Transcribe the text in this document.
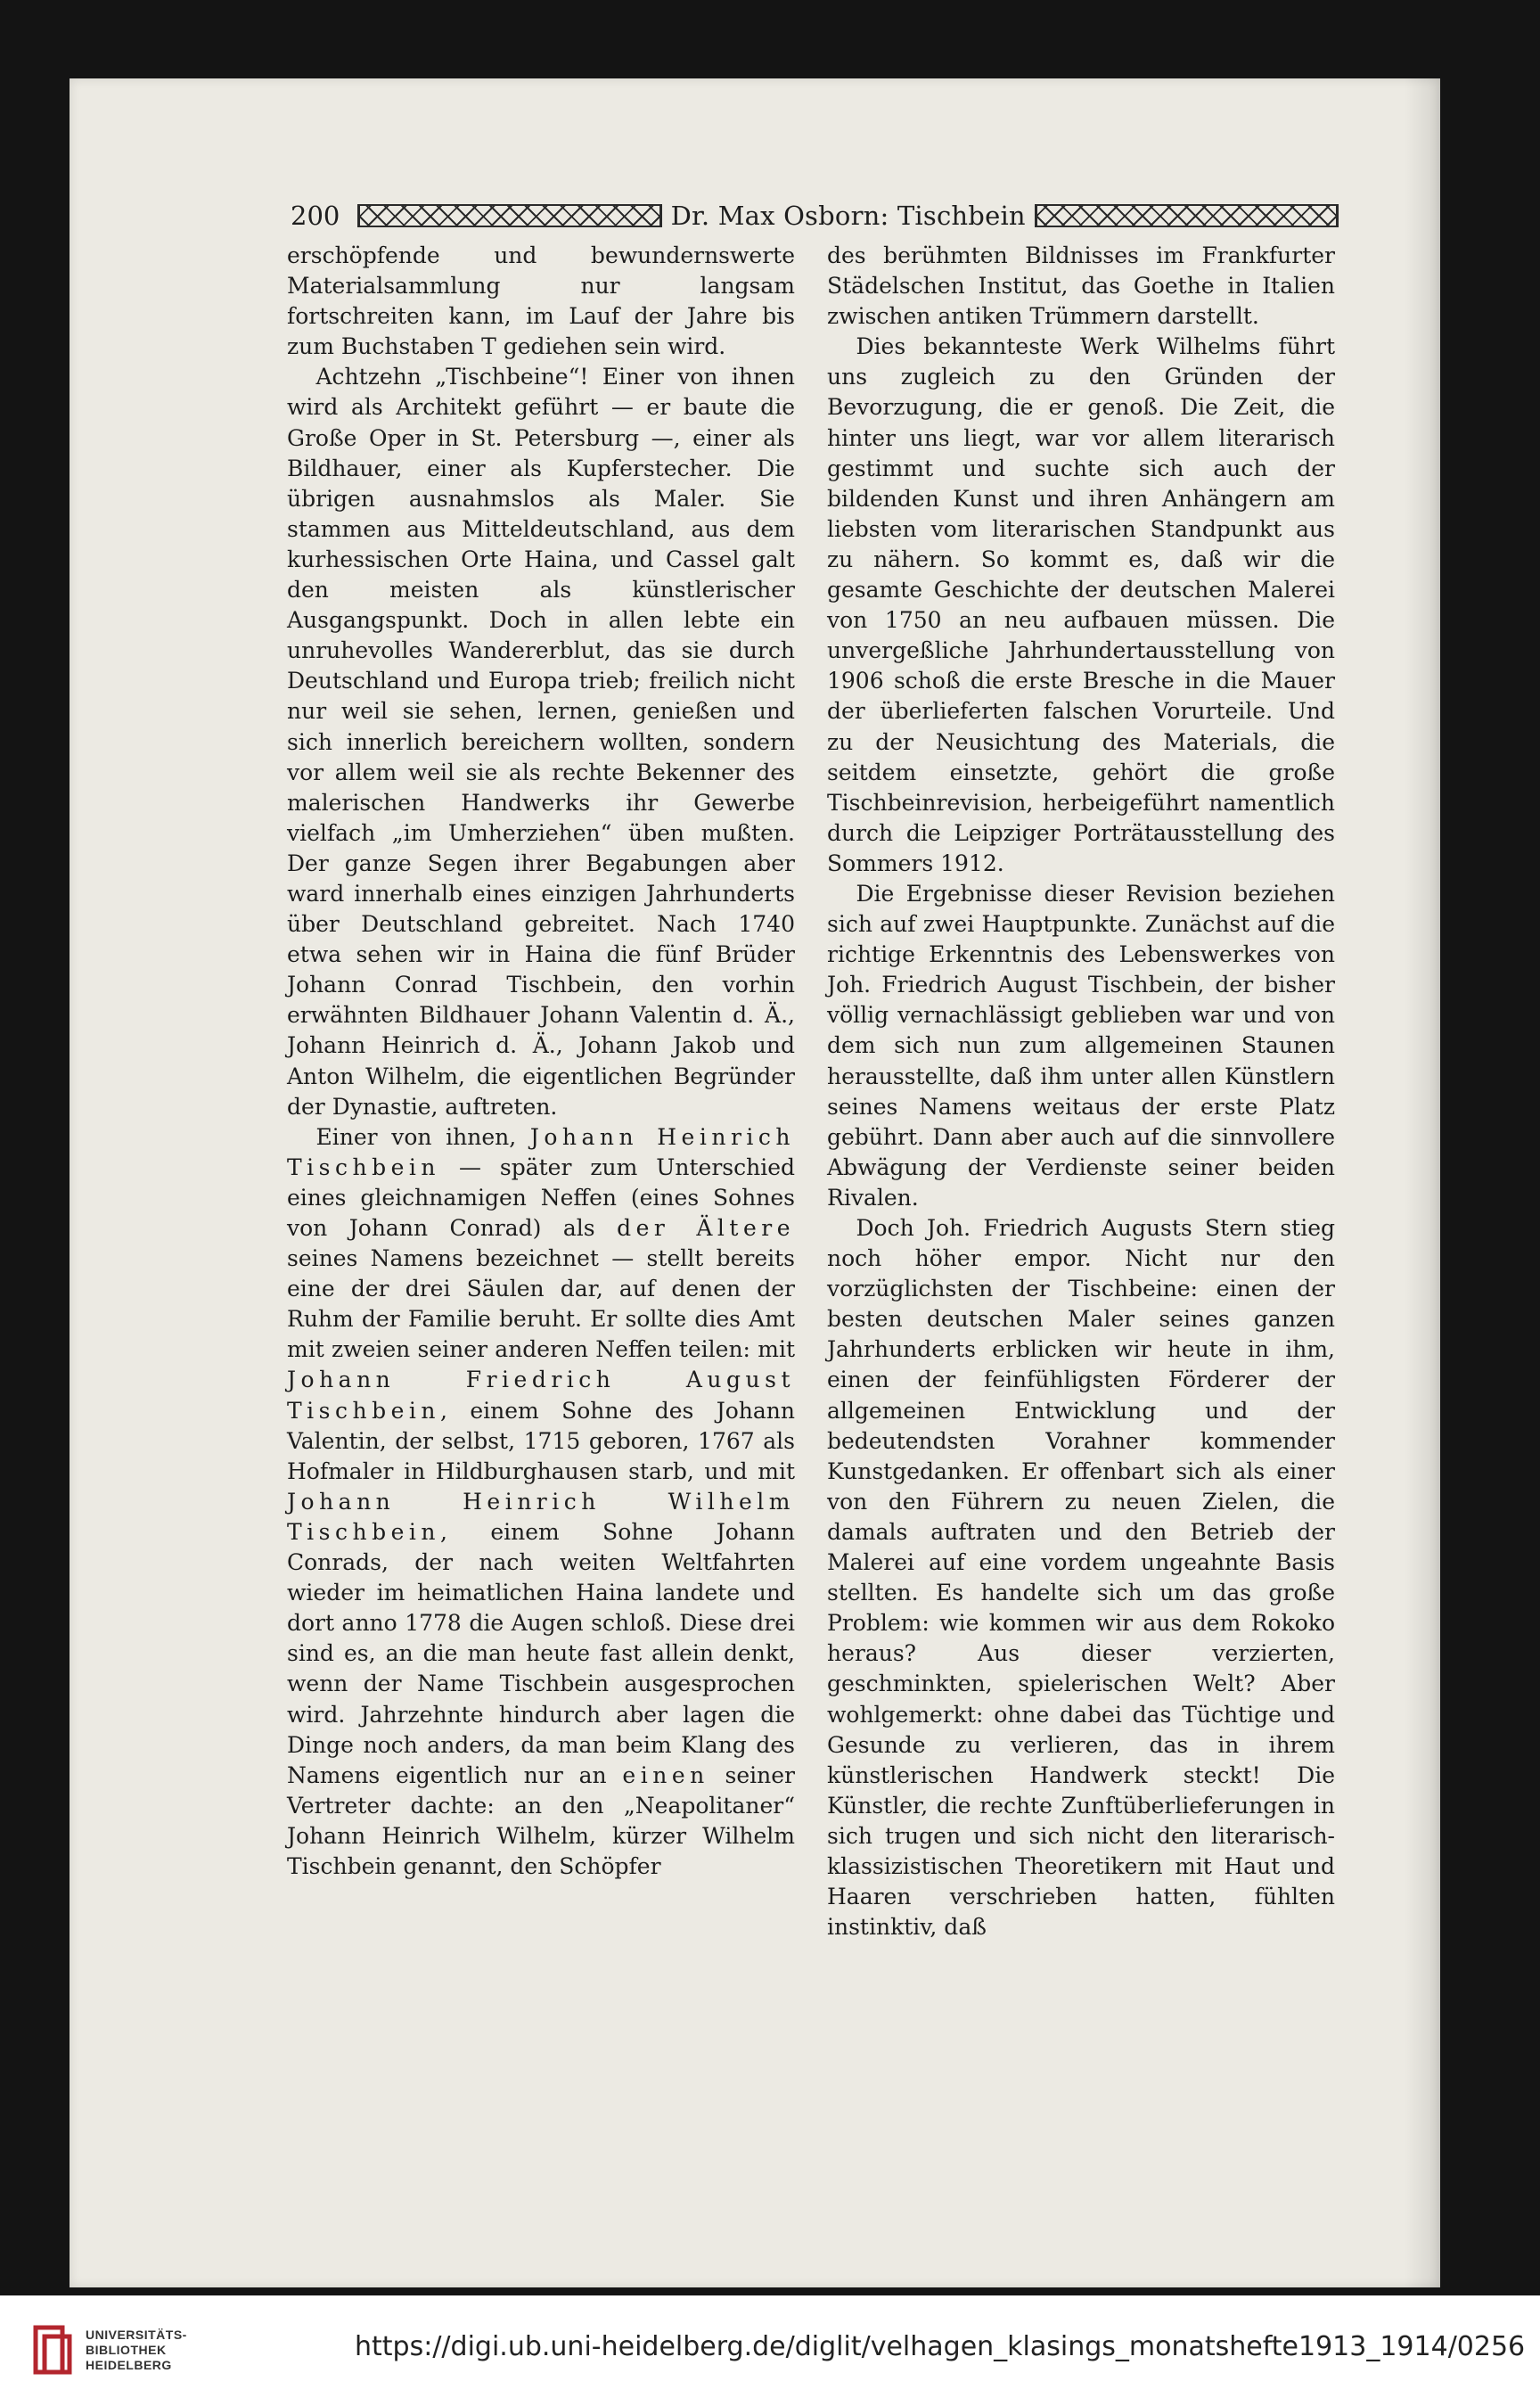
200	Dr. Max Osborn: Tischbein

erschöpfende und bewundernswerte Materialsammlung nur langsam fortschreiten kann, im Lauf der Jahre bis zum Buchstaben T gediehen sein wird.

Achtzehn „Tischbeine“! Einer von ihnen wird als Architekt geführt — er baute die Große Oper in St. Petersburg —, einer als Bildhauer, einer als Kupferstecher. Die übrigen ausnahmslos als Maler. Sie stammen aus Mitteldeutschland, aus dem kurhessischen Orte Haina, und Cassel galt den meisten als künstlerischer Ausgangspunkt. Doch in allen lebte ein unruhevolles Wandererblut, das sie durch Deutschland und Europa trieb; freilich nicht nur weil sie sehen, lernen, genießen und sich innerlich bereichern wollten, sondern vor allem weil sie als rechte Bekenner des malerischen Handwerks ihr Gewerbe vielfach „im Umherziehen“ üben mußten. Der ganze Segen ihrer Begabungen aber ward innerhalb eines einzigen Jahrhunderts über Deutschland gebreitet. Nach 1740 etwa sehen wir in Haina die fünf Brüder Johann Conrad Tischbein, den vorhin erwähnten Bildhauer Johann Valentin d. Ä., Johann Heinrich d. Ä., Johann Jakob und Anton Wilhelm, die eigentlichen Begründer der Dynastie, auftreten.

Einer von ihnen, Johann Heinrich Tischbein — später zum Unterschied eines gleichnamigen Neffen (eines Sohnes von Johann Conrad) als der Ältere seines Namens bezeichnet — stellt bereits eine der drei Säulen dar, auf denen der Ruhm der Familie beruht. Er sollte dies Amt mit zweien seiner anderen Neffen teilen: mit Johann Friedrich August Tischbein, einem Sohne des Johann Valentin, der selbst, 1715 geboren, 1767 als Hofmaler in Hildburghausen starb, und mit Johann Heinrich Wilhelm Tischbein, einem Sohne Johann Conrads, der nach weiten Weltfahrten wieder im heimatlichen Haina landete und dort anno 1778 die Augen schloß. Diese drei sind es, an die man heute fast allein denkt, wenn der Name Tischbein ausgesprochen wird. Jahrzehnte hindurch aber lagen die Dinge noch anders, da man beim Klang des Namens eigentlich nur an einen seiner Vertreter dachte: an den „Neapolitaner“ Johann Heinrich Wilhelm, kürzer Wilhelm Tischbein genannt, den Schöpfer

des berühmten Bildnisses im Frankfurter Städelschen Institut, das Goethe in Italien zwischen antiken Trümmern darstellt.

Dies bekannteste Werk Wilhelms führt uns zugleich zu den Gründen der Bevorzugung, die er genoß. Die Zeit, die hinter uns liegt, war vor allem literarisch gestimmt und suchte sich auch der bildenden Kunst und ihren Anhängern am liebsten vom literarischen Standpunkt aus zu nähern. So kommt es, daß wir die gesamte Geschichte der deutschen Malerei von 1750 an neu aufbauen müssen. Die unvergeßliche Jahrhundertausstellung von 1906 schoß die erste Bresche in die Mauer der überlieferten falschen Vorurteile. Und zu der Neusichtung des Materials, die seitdem einsetzte, gehört die große Tischbeinrevision, herbeigeführt namentlich durch die Leipziger Porträtausstellung des Sommers 1912.

Die Ergebnisse dieser Revision beziehen sich auf zwei Hauptpunkte. Zunächst auf die richtige Erkenntnis des Lebenswerkes von Joh. Friedrich August Tischbein, der bisher völlig vernachlässigt geblieben war und von dem sich nun zum allgemeinen Staunen herausstellte, daß ihm unter allen Künstlern seines Namens weitaus der erste Platz gebührt. Dann aber auch auf die sinnvollere Abwägung der Verdienste seiner beiden Rivalen.

Doch Joh. Friedrich Augusts Stern stieg noch höher empor. Nicht nur den vorzüglichsten der Tischbeine: einen der besten deutschen Maler seines ganzen Jahrhunderts erblicken wir heute in ihm, einen der feinfühligsten Förderer der allgemeinen Entwicklung und der bedeutendsten Vorahner kommender Kunstgedanken. Er offenbart sich als einer von den Führern zu neuen Zielen, die damals auftraten und den Betrieb der Malerei auf eine vordem ungeahnte Basis stellten. Es handelte sich um das große Problem: wie kommen wir aus dem Rokoko heraus? Aus dieser verzierten, geschminkten, spielerischen Welt? Aber wohlgemerkt: ohne dabei das Tüchtige und Gesunde zu verlieren, das in ihrem künstlerischen Handwerk steckt! Die Künstler, die rechte Zunftüberlieferungen in sich trugen und sich nicht den literarisch-klassizistischen Theoretikern mit Haut und Haaren verschrieben hatten, fühlten instinktiv, daß

UNIVERSITÄTS-
BIBLIOTHEK
HEIDELBERG
https://digi.ub.uni-heidelberg.de/diglit/velhagen_klasings_monatshefte1913_1914/0256
